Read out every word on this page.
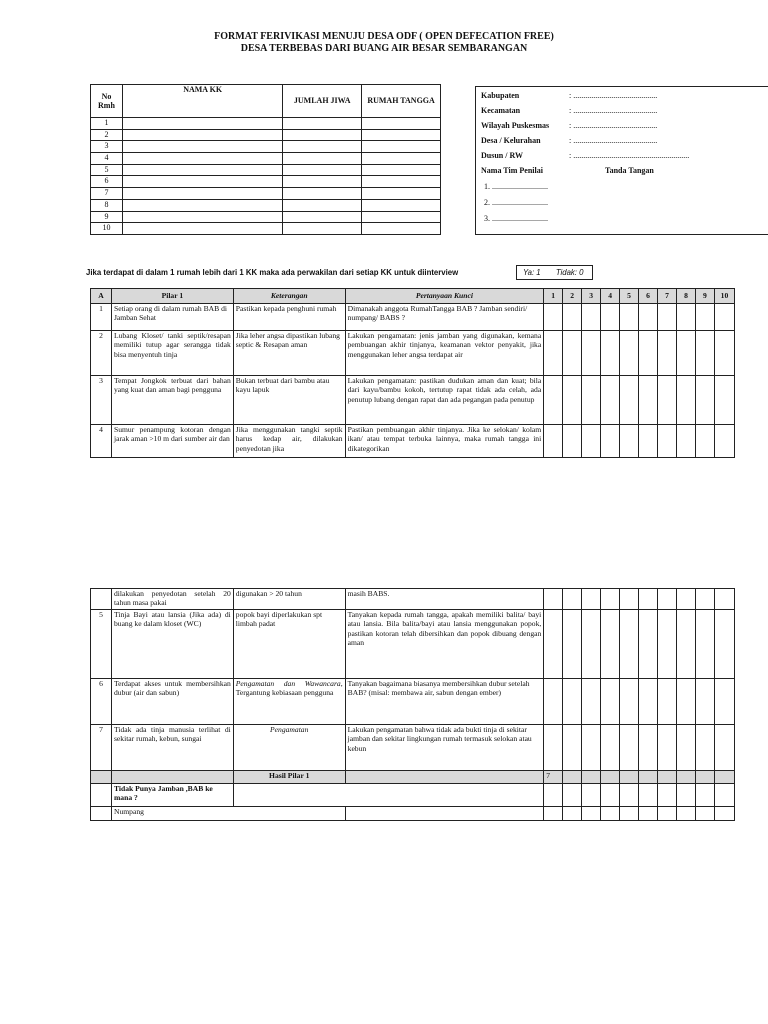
FORMAT FERIVIKASI MENUJU DESA ODF ( OPEN DEFECATION FREE)
DESA TERBEBAS DARI BUANG AIR BESAR SEMBARANGAN
No Rmh	NAMA KK	JUMLAH JIWA	RUMAH TANGGA
1			
2			
3			
4			
5			
6			
7			
8			
9			
10			
Kabupaten	: ..........................................
Kecamatan	: ..........................................
Wilayah Puskesmas : ..........................................
Desa / Kelurahan	: ..........................................
Dusun / RW	: ..........................................................
Nama Tim Penilai	Tanda Tangan
1. ............................
2. ............................
3. ............................
Jika terdapat di dalam 1 rumah lebih dari 1 KK maka ada perwakilan dari setiap KK untuk diinterview	Ya: 1 Tidak: 0
A	Pilar 1	Keterangan	Pertanyaan Kunci	1	2	3	4	5	6	7	8	9	10
1	Setiap orang di dalam rumah BAB di Jamban Sehat	Pastikan kepada penghuni rumah	Dimanakah anggota RumahTangga BAB ? Jamban sendiri/ numpang/ BABS ?										
2	Lubang Kloset/ tanki septik/resapan memiliki tutup agar serangga tidak bisa menyentuh tinja	Jika leher angsa dipastikan lubang septic & Resapan aman	Lakukan pengamatan: jenis jamban yang digunakan, kemana pembuangan akhir tinjanya, keamanan vektor penyakit, jika menggunakan leher angsa terdapat air										
3	Tempat Jongkok terbuat dari bahan yang kuat dan aman bagi pengguna	Bukan terbuat dari bambu atau kayu lapuk	Lakukan pengamatan: pastikan dudukan aman dan kuat; bila dari kayu/bambu kokoh, tertutup rapat tidak ada celah, ada penutup lubang dengan rapat dan ada pegangan pada penutup										
4	Sumur penampung kotoran dengan jarak aman >10 m dari sumber air dan	Jika menggunakan tangki septik harus kedap air, dilakukan penyedotan jika	Pastikan pembuangan akhir tinjanya. Jika ke selokan/ kolam ikan/ atau tempat terbuka lainnya, maka rumah tangga ini dikategorikan										
	dilakukan penyedotan setelah 20 tahun masa pakai	digunakan > 20 tahun	masih BABS.										
5	Tinja Bayi atau lansia (Jika ada) di buang ke dalam kloset (WC)	popok bayi diperlakukan spt limbah padat	Tanyakan kepada rumah tangga, apakah memiliki balita/ bayi atau lansia. Bila balita/bayi atau lansia menggunakan popok, pastikan kotoran telah dibersihkan dan popok dibuang dengan aman										
6	Terdapat akses untuk membersihkan dubur (air dan sabun)	Pengamatan dan Wawancara, Tergantung kebiasaan pengguna	Tanyakan bagaimana biasanya membersihkan dubur setelah BAB? (misal: membawa air, sabun dengan ember)										
7	Tidak ada tinja manusia terlihat di sekitar rumah, kebun, sungai	Pengamatan	Lakukan pengamatan bahwa tidak ada bukti tinja di sekitar jamban dan sekitar lingkungan rumah termasuk selokan atau kebun										
		Hasil Pilar 1		7									
	Tidak Punya Jamban ,BAB ke mana ?												
	Numpang												
